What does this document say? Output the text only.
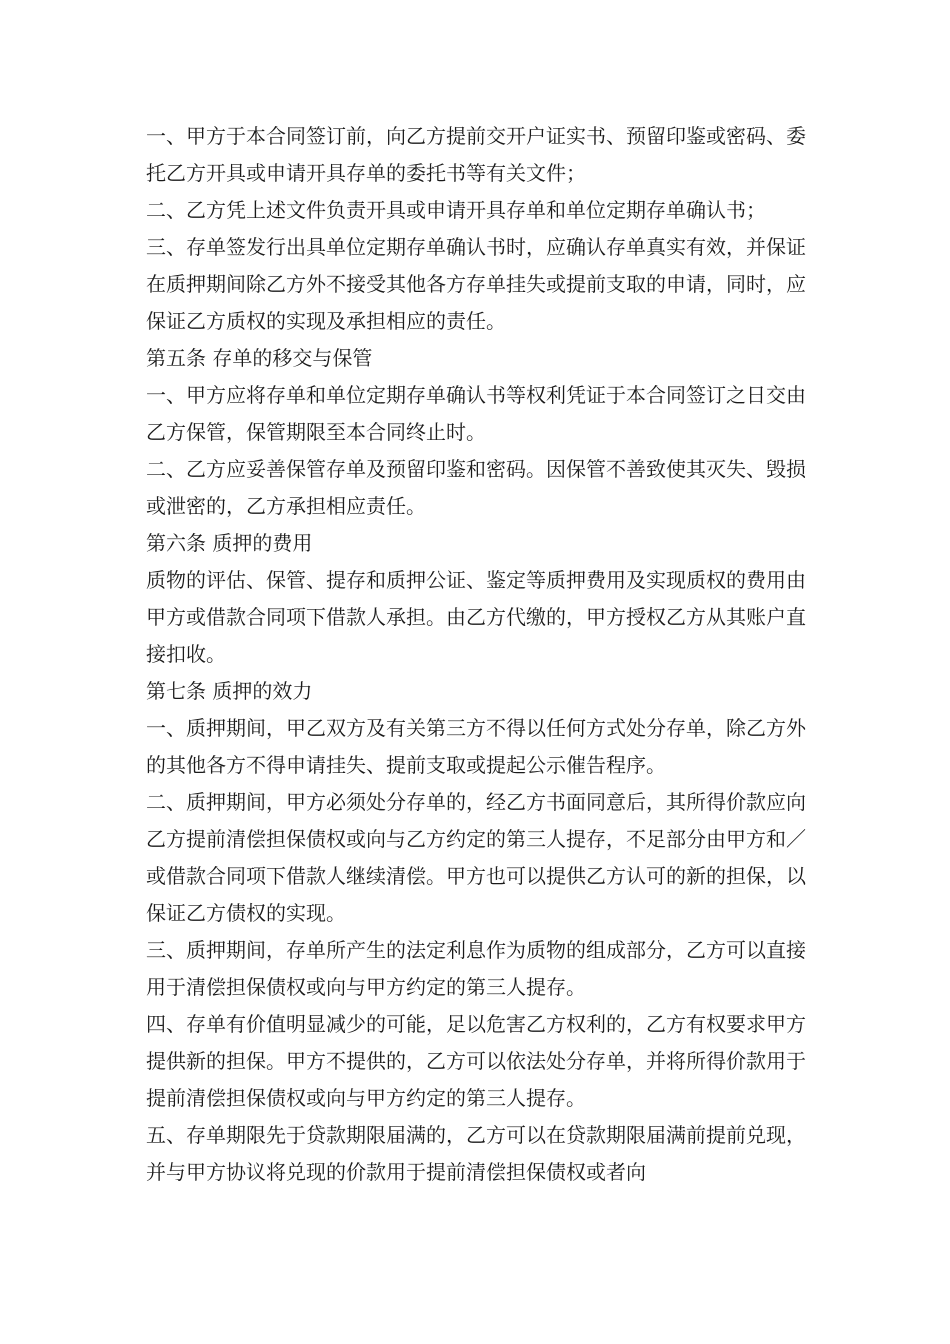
一、甲方于本合同签订前，向乙方提前交开户证实书、预留印鉴或密码、委托乙方开具或申请开具存单的委托书等有关文件；

二、乙方凭上述文件负责开具或申请开具存单和单位定期存单确认书；

三、存单签发行出具单位定期存单确认书时，应确认存单真实有效，并保证在质押期间除乙方外不接受其他各方存单挂失或提前支取的申请，同时，应保证乙方质权的实现及承担相应的责任。

第五条 存单的移交与保管

一、甲方应将存单和单位定期存单确认书等权利凭证于本合同签订之日交由乙方保管，保管期限至本合同终止时。

二、乙方应妥善保管存单及预留印鉴和密码。因保管不善致使其灭失、毁损或泄密的，乙方承担相应责任。

第六条 质押的费用

质物的评估、保管、提存和质押公证、鉴定等质押费用及实现质权的费用由甲方或借款合同项下借款人承担。由乙方代缴的，甲方授权乙方从其账户直接扣收。

第七条 质押的效力

一、质押期间，甲乙双方及有关第三方不得以任何方式处分存单，除乙方外的其他各方不得申请挂失、提前支取或提起公示催告程序。

二、质押期间，甲方必须处分存单的，经乙方书面同意后，其所得价款应向乙方提前清偿担保债权或向与乙方约定的第三人提存，不足部分由甲方和／或借款合同项下借款人继续清偿。甲方也可以提供乙方认可的新的担保，以保证乙方债权的实现。

三、质押期间，存单所产生的法定利息作为质物的组成部分，乙方可以直接用于清偿担保债权或向与甲方约定的第三人提存。

四、存单有价值明显减少的可能，足以危害乙方权利的，乙方有权要求甲方提供新的担保。甲方不提供的，乙方可以依法处分存单，并将所得价款用于提前清偿担保债权或向与甲方约定的第三人提存。

五、存单期限先于贷款期限届满的，乙方可以在贷款期限届满前提前兑现，并与甲方协议将兑现的价款用于提前清偿担保债权或者向
